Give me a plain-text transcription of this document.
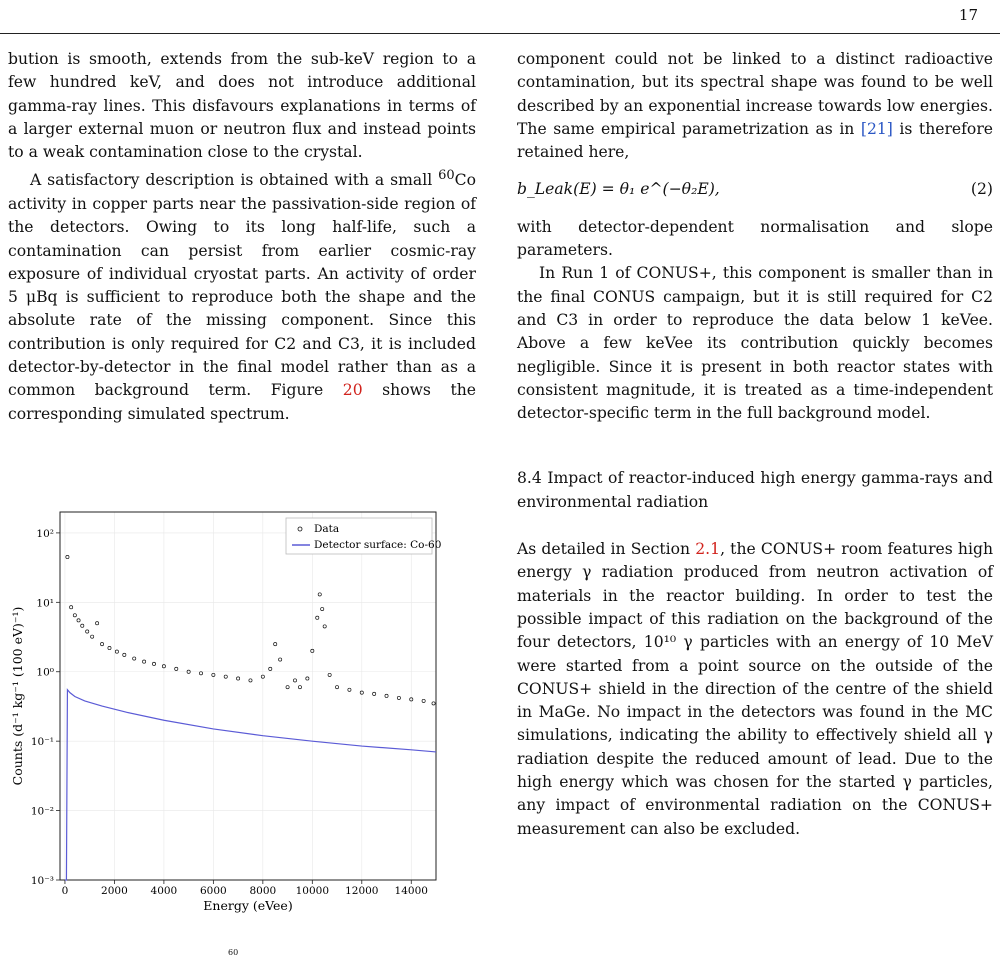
17

bution is smooth, extends from the sub-keV region to a few hundred keV, and does not introduce additional gamma-ray lines. This disfavours explanations in terms of a larger external muon or neutron flux and instead points to a weak contamination close to the crystal.

A satisfactory description is obtained with a small $^{60}$Co activity in copper parts near the passivation-side region of the detectors. Owing to its long half-life, such a contamination can persist from earlier cosmic-ray exposure of individual cryostat parts. An activity of order 5 μBq is sufficient to reproduce both the shape and the absolute rate of the missing component. Since this contribution is only required for C2 and C3, it is included detector-by-detector in the final model rather than as a common background term. Figure 20 shows the corresponding simulated spectrum.

component could not be linked to a distinct radioactive contamination, but its spectral shape was found to be well described by an exponential increase towards low energies. The same empirical parametrization as in [21] is therefore retained here,

b_Leak(E) = θ₁ e^(−θ₂E),	(2)

with detector-dependent normalisation and slope parameters.

In Run 1 of CONUS+, this component is smaller than in the final CONUS campaign, but it is still required for C2 and C3 in order to reproduce the data below 1 keVee. Above a few keVee its contribution quickly becomes negligible. Since it is present in both reactor states with consistent magnitude, it is treated as a time-independent detector-specific term in the full background model.

8.4 Impact of reactor-induced high energy gamma-rays and environmental radiation

As detailed in Section 2.1, the CONUS+ room features high energy γ radiation produced from neutron activation of materials in the reactor building. In order to test the possible impact of this radiation on the background of the four detectors, 10¹⁰ γ particles with an energy of 10 MeV were started from a point source on the outside of the CONUS+ shield in the direction of the centre of the shield in MaGe. No impact in the detectors was found in the MC simulations, indicating the ability to effectively shield all γ radiation despite the reduced amount of lead. Due to the high energy which was chosen for the started γ particles, any impact of environmental radiation on the CONUS+ measurement can also be excluded.

0	2000 4000 6000 8000 10000 12000 14000
10⁻³
10⁻²
10⁻¹
10⁰
10¹
10²
Energy (eVee)
Counts (d⁻¹ kg⁻¹ (100 eV)⁻¹)
Data
Detector surface: Co-60
60
